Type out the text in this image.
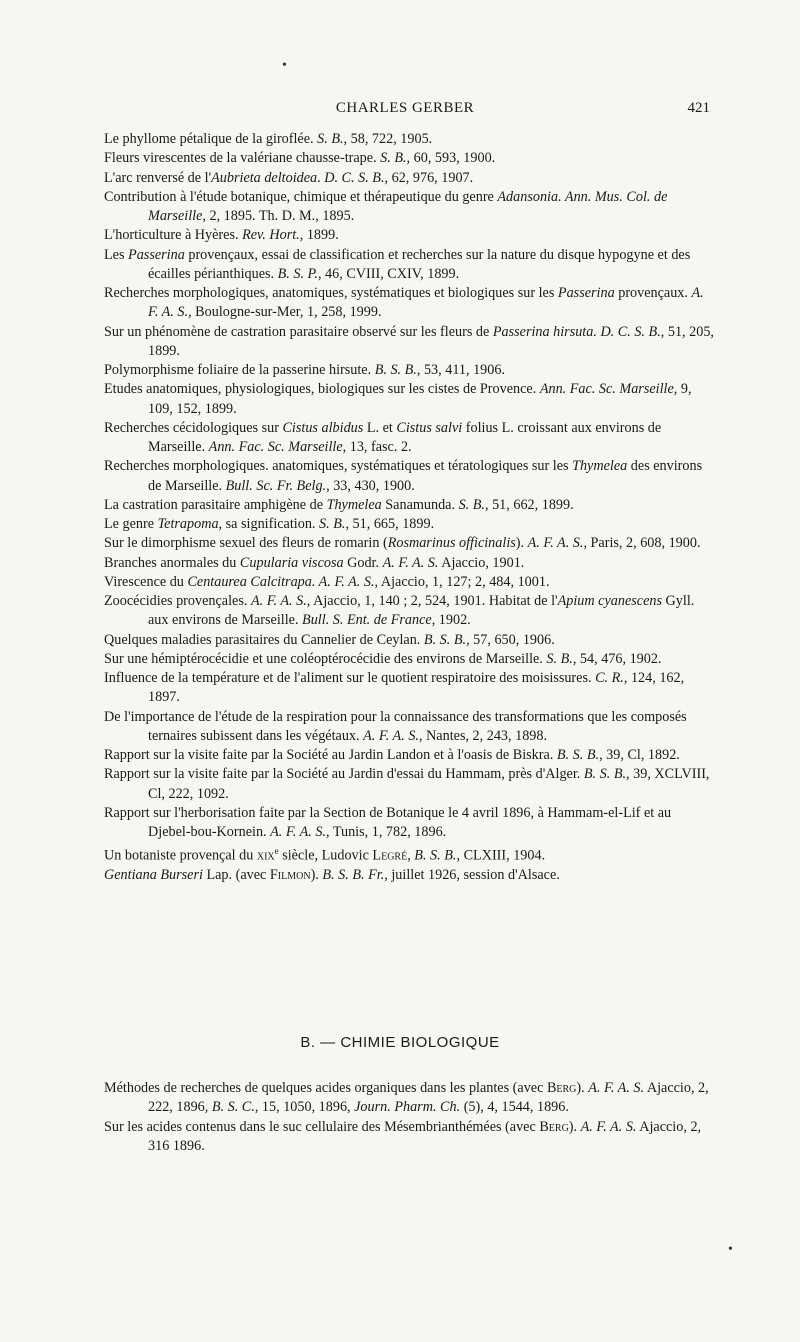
CHARLES GERBER	421
•
•

Le phyllome pétalique de la giroflée. S. B., 58, 722, 1905.

Fleurs virescentes de la valériane chausse-trape. S. B., 60, 593, 1900.

L'arc renversé de l'Aubrieta deltoidea. D. C. S. B., 62, 976, 1907.

Contribution à l'étude botanique, chimique et thérapeutique du genre Adansonia. Ann. Mus. Col. de Marseille, 2, 1895. Th. D. M., 1895.

L'horticulture à Hyères. Rev. Hort., 1899.

Les Passerina provençaux, essai de classification et recherches sur la nature du disque hypogyne et des écailles périanthiques. B. S. P., 46, CVIII, CXIV, 1899.

Recherches morphologiques, anatomiques, systématiques et biologiques sur les Passerina provençaux. A. F. A. S., Boulogne-sur-Mer, 1, 258, 1999.

Sur un phénomène de castration parasitaire observé sur les fleurs de Passerina hirsuta. D. C. S. B., 51, 205, 1899.

Polymorphisme foliaire de la passerine hirsute. B. S. B., 53, 411, 1906.

Etudes anatomiques, physiologiques, biologiques sur les cistes de Provence. Ann. Fac. Sc. Marseille, 9, 109, 152, 1899.

Recherches cécidologiques sur Cistus albidus L. et Cistus salvi folius L. croissant aux environs de Marseille. Ann. Fac. Sc. Marseille, 13, fasc. 2.

Recherches morphologiques. anatomiques, systématiques et tératologiques sur les Thymelea des environs de Marseille. Bull. Sc. Fr. Belg., 33, 430, 1900.

La castration parasitaire amphigène de Thymelea Sanamunda. S. B., 51, 662, 1899.

Le genre Tetrapoma, sa signification. S. B., 51, 665, 1899.

Sur le dimorphisme sexuel des fleurs de romarin (Rosmarinus officinalis). A. F. A. S., Paris, 2, 608, 1900.

Branches anormales du Cupularia viscosa Godr. A. F. A. S. Ajaccio, 1901.

Virescence du Centaurea Calcitrapa. A. F. A. S., Ajaccio, 1, 127; 2, 484, 1001.

Zoocécidies provençales. A. F. A. S., Ajaccio, 1, 140 ; 2, 524, 1901. Habitat de l'Apium cyanescens Gyll. aux environs de Marseille. Bull. S. Ent. de France, 1902.

Quelques maladies parasitaires du Cannelier de Ceylan. B. S. B., 57, 650, 1906.

Sur une hémiptérocécidie et une coléoptérocécidie des environs de Marseille. S. B., 54, 476, 1902.

Influence de la température et de l'aliment sur le quotient respiratoire des moisissures. C. R., 124, 162, 1897.

De l'importance de l'étude de la respiration pour la connaissance des transformations que les composés ternaires subissent dans les végétaux. A. F. A. S., Nantes, 2, 243, 1898.

Rapport sur la visite faite par la Société au Jardin Landon et à l'oasis de Biskra. B. S. B., 39, Cl, 1892.

Rapport sur la visite faite par la Société au Jardin d'essai du Hammam, près d'Alger. B. S. B., 39, XCLVIII, Cl, 222, 1092.

Rapport sur l'herborisation faite par la Section de Botanique le 4 avril 1896, à Hammam-el-Lif et au Djebel-bou-Kornein. A. F. A. S., Tunis, 1, 782, 1896.

Un botaniste provençal du xix$^e$ siècle, Ludovic Legré, B. S. B., CLXIII, 1904.

Gentiana Burseri Lap. (avec Filmon). B. S. B. Fr., juillet 1926, session d'Alsace.

B. — CHIMIE BIOLOGIQUE

Méthodes de recherches de quelques acides organiques dans les plantes (avec Berg). A. F. A. S. Ajaccio, 2, 222, 1896, B. S. C., 15, 1050, 1896, Journ. Pharm. Ch. (5), 4, 1544, 1896.

Sur les acides contenus dans le suc cellulaire des Mésembrianthémées (avec Berg). A. F. A. S. Ajaccio, 2, 316 1896.
